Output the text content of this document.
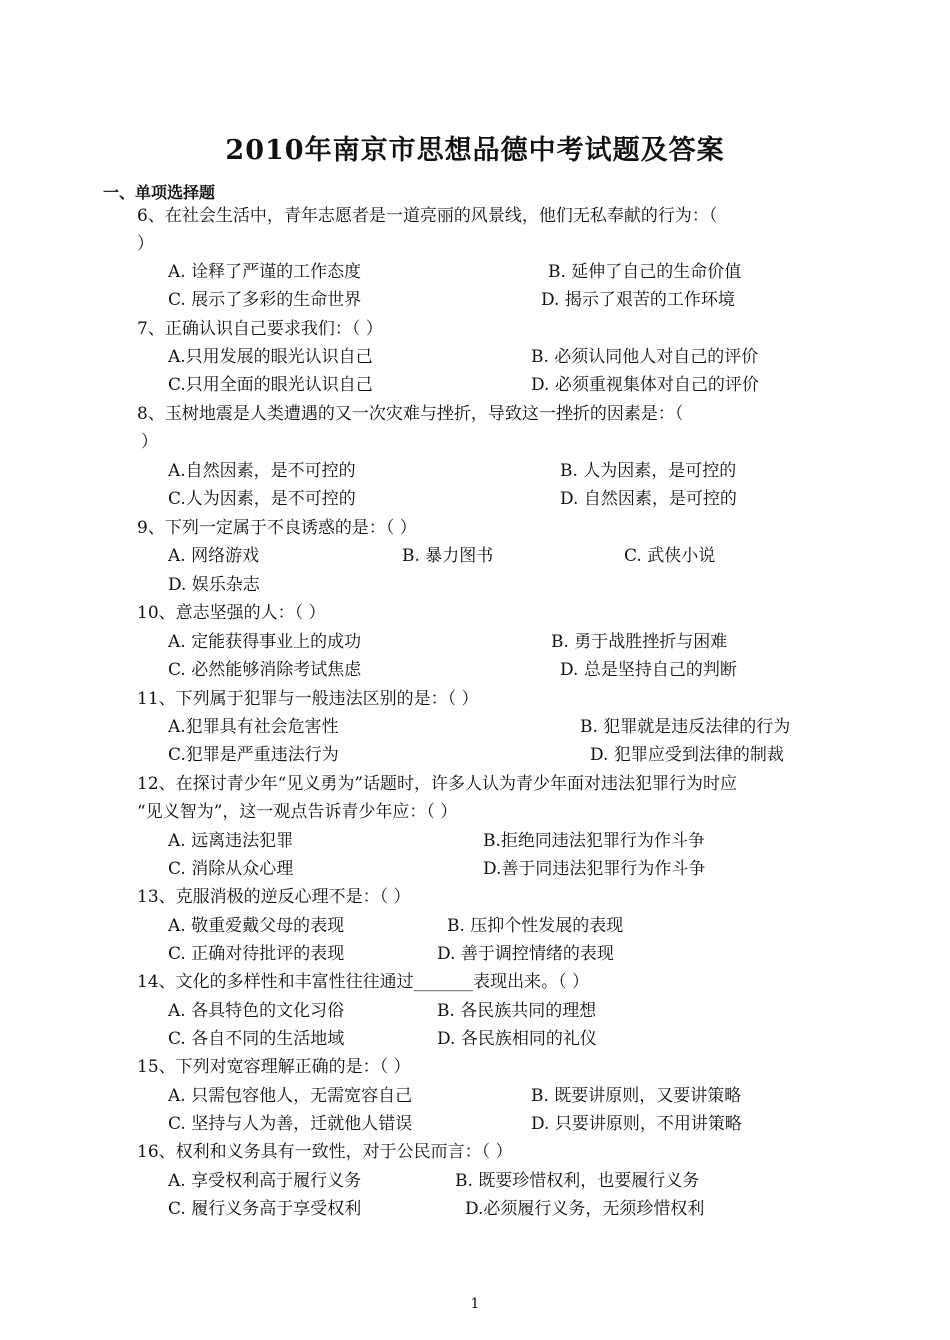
2010年南京市思想品德中考试题及答案
一、单项选择题
6、在社会生活中，青年志愿者是一道亮丽的风景线，他们无私奉献的行为：（
）
A. 诠释了严谨的工作态度	B. 延伸了自己的生命价值
C. 展示了多彩的生命世界	D. 揭示了艰苦的工作环境
7、正确认识自己要求我们：（ ）
A.只用发展的眼光认识自己	B. 必须认同他人对自己的评价
C.只用全面的眼光认识自己	D. 必须重视集体对自己的评价
8、玉树地震是人类遭遇的又一次灾难与挫折，导致这一挫折的因素是：（
）
A.自然因素，是不可控的	B. 人为因素，是可控的
C.人为因素，是不可控的	D. 自然因素，是可控的
9、下列一定属于不良诱惑的是：（ ）
A. 网络游戏	B. 暴力图书	C. 武侠小说
D. 娱乐杂志
10、意志坚强的人：（ ）
A. 定能获得事业上的成功	B. 勇于战胜挫折与困难
C. 必然能够消除考试焦虑	D. 总是坚持自己的判断
11、下列属于犯罪与一般违法区别的是：（ ）
A.犯罪具有社会危害性	B. 犯罪就是违反法律的行为
C.犯罪是严重违法行为	D. 犯罪应受到法律的制裁
12、在探讨青少年“见义勇为”话题时，许多人认为青少年面对违法犯罪行为时应
“见义智为”，这一观点告诉青少年应：（ ）
A. 远离违法犯罪	B.拒绝同违法犯罪行为作斗争
C. 消除从众心理	D.善于同违法犯罪行为作斗争
13、克服消极的逆反心理不是：（ ）
A. 敬重爱戴父母的表现	B. 压抑个性发展的表现
C. 正确对待批评的表现	D. 善于调控情绪的表现
14、文化的多样性和丰富性往往通过_______表现出来。（ ）
A. 各具特色的文化习俗	B. 各民族共同的理想
C. 各自不同的生活地域	D. 各民族相同的礼仪
15、下列对宽容理解正确的是：（ ）
A. 只需包容他人，无需宽容自己	B. 既要讲原则，又要讲策略
C. 坚持与人为善，迁就他人错误	D. 只要讲原则，不用讲策略
16、权利和义务具有一致性，对于公民而言：（ ）
A. 享受权利高于履行义务	B. 既要珍惜权利，也要履行义务
C. 履行义务高于享受权利	D.必须履行义务，无须珍惜权利
1
